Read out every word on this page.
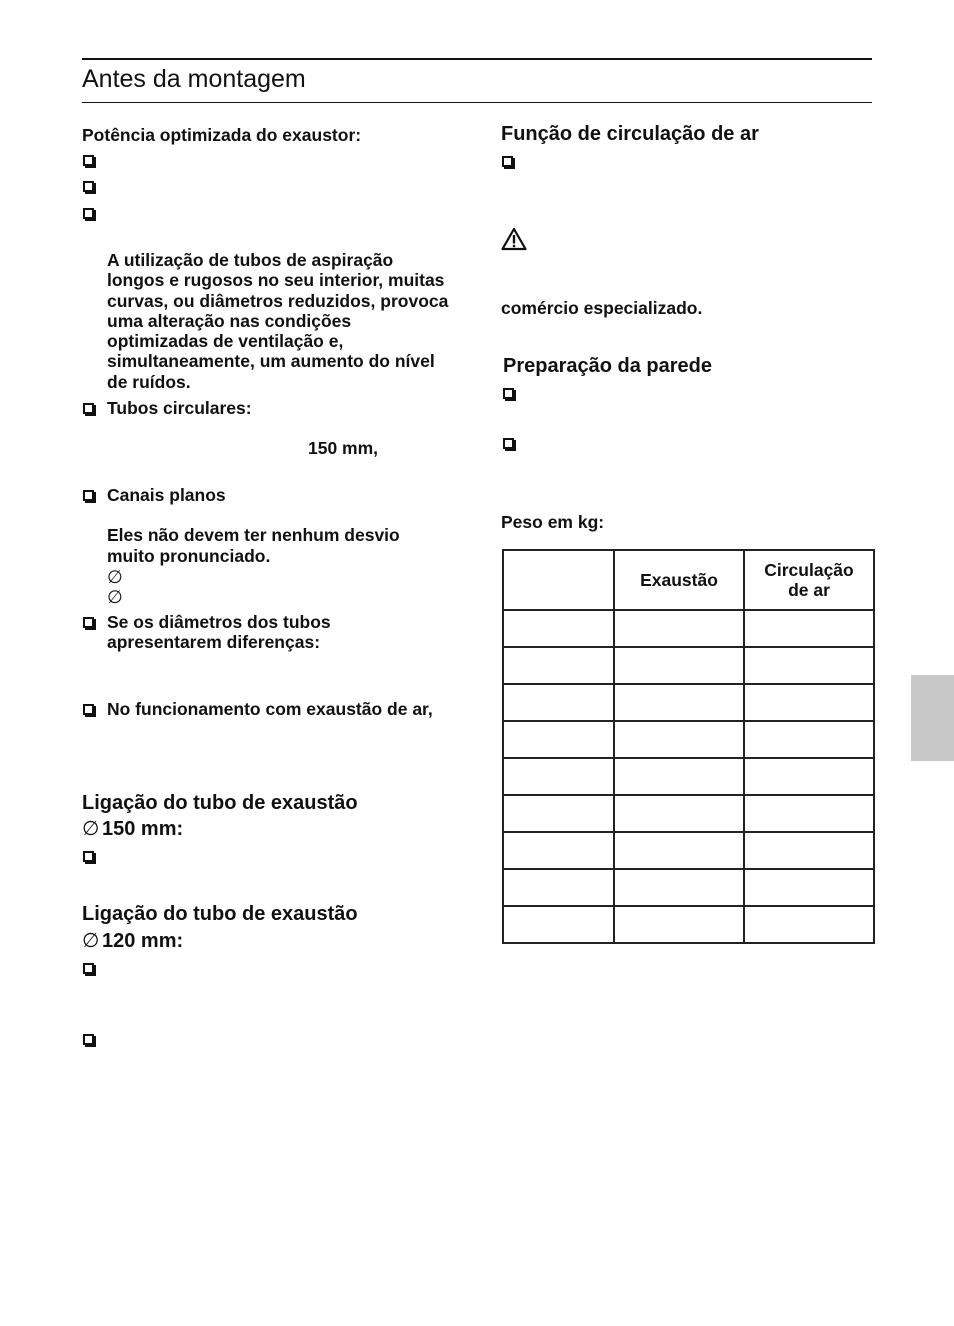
Antes da montagem
Potência optimizada do exaustor:
A utilização de tubos de aspiração longos e rugosos no seu interior, muitas curvas, ou diâmetros reduzidos, provoca uma alteração nas condições optimizadas de ventilação e, simultaneamente, um aumento do nível de ruídos.
Tubos circulares:
150 mm,
Canais planos
Eles não devem ter nenhum desvio muito pronunciado.
∅
∅
Se os diâmetros dos tubos apresentarem diferenças:
No funcionamento com exaustão de ar,
Ligação do tubo de exaustão
∅ 150 mm:
Ligação do tubo de exaustão
∅ 120 mm:
Função de circulação de ar
comércio especializado.
Preparação da parede
Peso em kg:
	Exaustão	Circulação de ar
